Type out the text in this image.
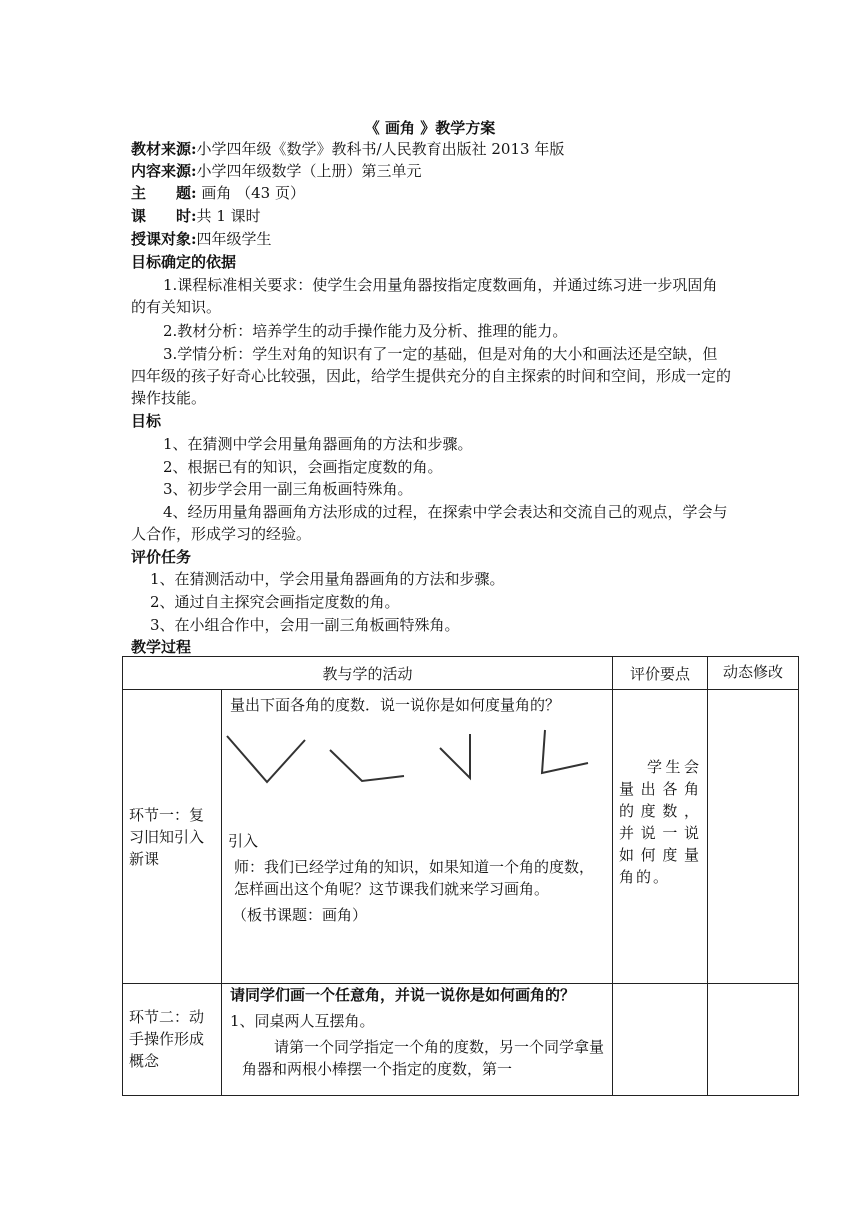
《 画角 》教学方案
教材来源:小学四年级《数学》教科书/人民教育出版社 2013 年版
内容来源:小学四年级数学（上册）第三单元
主　　题: 画角 （43 页）
课　　时:共 1 课时
授课对象:四年级学生
目标确定的依据
1.课程标准相关要求：使学生会用量角器按指定度数画角，并通过练习进一步巩固角的有关知识。
2.教材分析：培养学生的动手操作能力及分析、推理的能力。
3.学情分析：学生对角的知识有了一定的基础，但是对角的大小和画法还是空缺，但四年级的孩子好奇心比较强，因此，给学生提供充分的自主探索的时间和空间，形成一定的操作技能。
目标
1、在猜测中学会用量角器画角的方法和步骤。
2、根据已有的知识，会画指定度数的角。
3、初步学会用一副三角板画特殊角。
4、经历用量角器画角方法形成的过程，在探索中学会表达和交流自己的观点，学会与人合作，形成学习的经验。
评价任务
1、在猜测活动中，学会用量角器画角的方法和步骤。
2、通过自主探究会画指定度数的角。
3、在小组合作中，会用一副三角板画特殊角。
教学过程
教与学的活动		评价要点	动态修改

环节一：复习旧知引入新课	量出下面各角的度数．说一说你是如何度量角的？
引入
师：我们已经学过角的知识，如果知道一个角的度数，怎样画出这个角呢？这节课我们就来学习画角。
（板书课题：画角）	学生会量出各角的度数，并说一说如何度量角的。	

环节二：动手操作形成概念	请同学们画一个任意角，并说一说你是如何画角的？
1、同桌两人互摆角。
请第一个同学指定一个角的度数，另一个同学拿量角器和两根小棒摆一个指定的度数，第一		
